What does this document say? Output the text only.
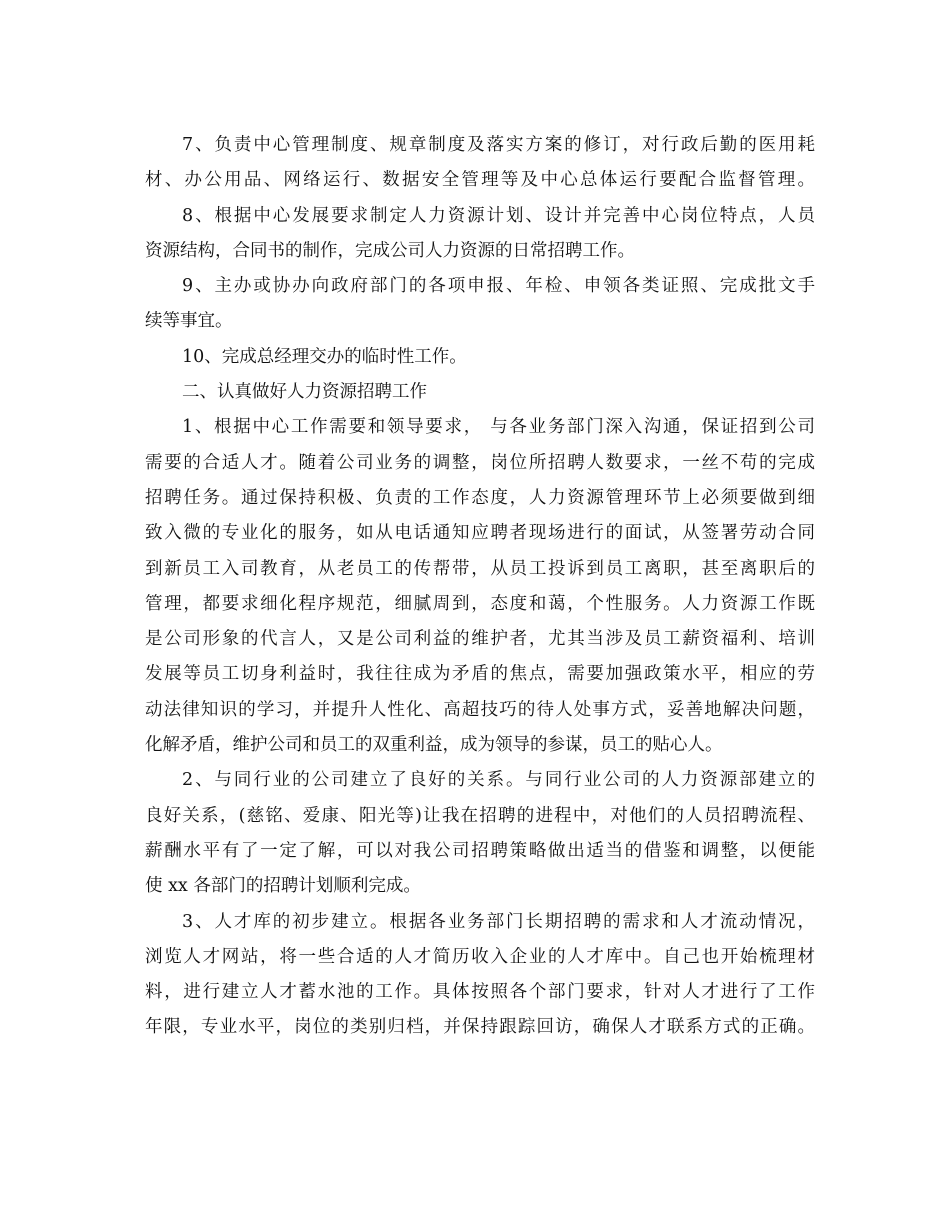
7、负责中心管理制度、规章制度及落实方案的修订，对行政后勤的医用耗
材、办公用品、网络运行、数据安全管理等及中心总体运行要配合监督管理。
8、根据中心发展要求制定人力资源计划、设计并完善中心岗位特点，人员
资源结构，合同书的制作，完成公司人力资源的日常招聘工作。
9、主办或协办向政府部门的各项申报、年检、申领各类证照、完成批文手
续等事宜。
10、完成总经理交办的临时性工作。
二、认真做好人力资源招聘工作
1、根据中心工作需要和领导要求， 与各业务部门深入沟通，保证招到公司
需要的合适人才。随着公司业务的调整，岗位所招聘人数要求，一丝不苟的完成
招聘任务。通过保持积极、负责的工作态度，人力资源管理环节上必须要做到细
致入微的专业化的服务，如从电话通知应聘者现场进行的面试，从签署劳动合同
到新员工入司教育，从老员工的传帮带，从员工投诉到员工离职，甚至离职后的
管理，都要求细化程序规范，细腻周到，态度和蔼，个性服务。人力资源工作既
是公司形象的代言人，又是公司利益的维护者，尤其当涉及员工薪资福利、培训
发展等员工切身利益时，我往往成为矛盾的焦点，需要加强政策水平，相应的劳
动法律知识的学习，并提升人性化、高超技巧的待人处事方式，妥善地解决问题，
化解矛盾，维护公司和员工的双重利益，成为领导的参谋，员工的贴心人。
2、与同行业的公司建立了良好的关系。与同行业公司的人力资源部建立的
良好关系，(慈铭、爱康、阳光等)让我在招聘的进程中，对他们的人员招聘流程、
薪酬水平有了一定了解，可以对我公司招聘策略做出适当的借鉴和调整，以便能
使 xx 各部门的招聘计划顺利完成。
3、人才库的初步建立。根据各业务部门长期招聘的需求和人才流动情况，
浏览人才网站，将一些合适的人才简历收入企业的人才库中。自己也开始梳理材
料，进行建立人才蓄水池的工作。具体按照各个部门要求，针对人才进行了工作
年限，专业水平，岗位的类别归档，并保持跟踪回访，确保人才联系方式的正确。
